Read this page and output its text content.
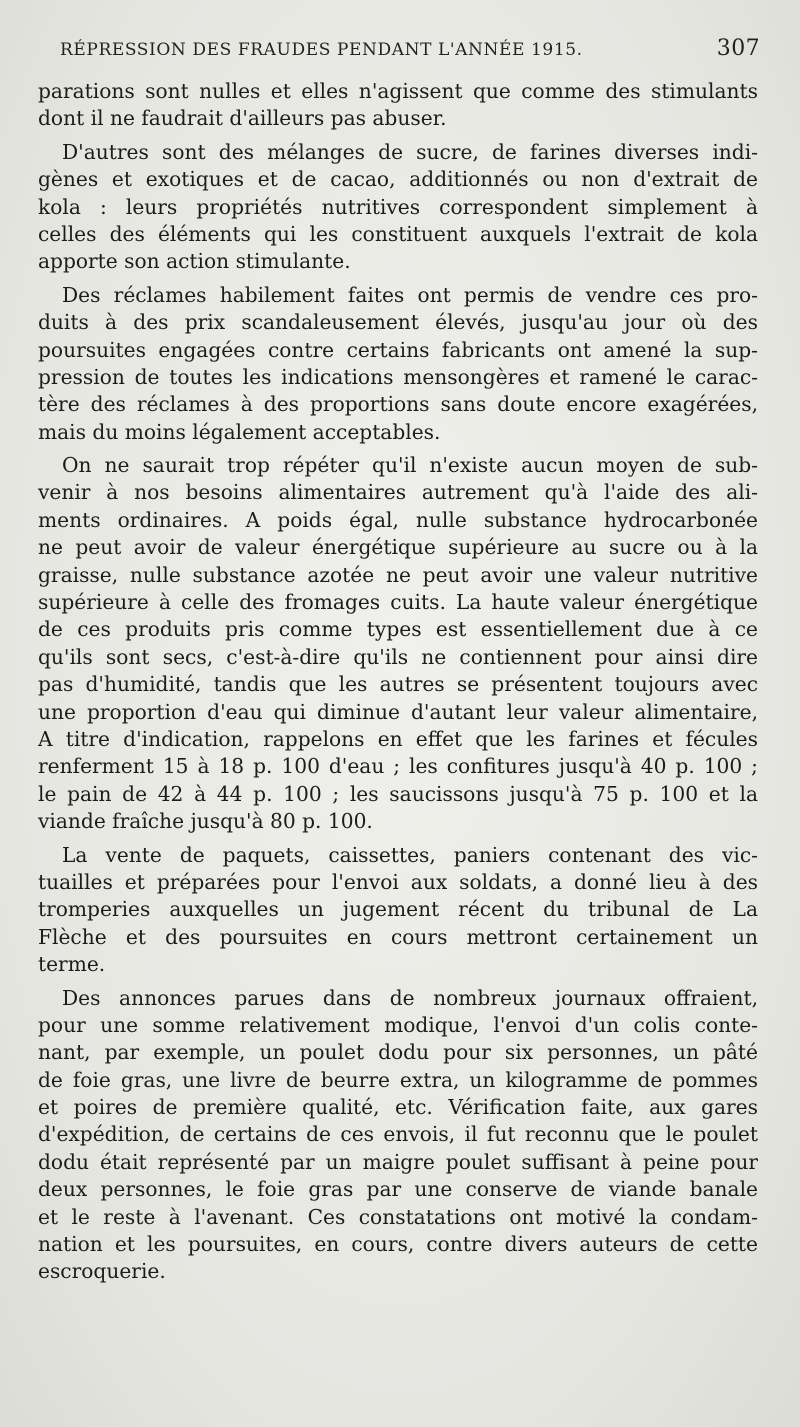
RÉPRESSION DES FRAUDES PENDANT L'ANNÉE 1915.	307
parations sont nulles et elles n'agissent que comme des stimulants
dont il ne faudrait d'ailleurs pas abuser.
D'autres sont des mélanges de sucre, de farines diverses indi-
gènes et exotiques et de cacao, additionnés ou non d'extrait de
kola : leurs propriétés nutritives correspondent simplement à
celles des éléments qui les constituent auxquels l'extrait de kola
apporte son action stimulante.
Des réclames habilement faites ont permis de vendre ces pro-
duits à des prix scandaleusement élevés, jusqu'au jour où des
poursuites engagées contre certains fabricants ont amené la sup-
pression de toutes les indications mensongères et ramené le carac-
tère des réclames à des proportions sans doute encore exagérées,
mais du moins légalement acceptables.
On ne saurait trop répéter qu'il n'existe aucun moyen de sub-
venir à nos besoins alimentaires autrement qu'à l'aide des ali-
ments ordinaires. A poids égal, nulle substance hydrocarbonée
ne peut avoir de valeur énergétique supérieure au sucre ou à la
graisse, nulle substance azotée ne peut avoir une valeur nutritive
supérieure à celle des fromages cuits. La haute valeur énergétique
de ces produits pris comme types est essentiellement due à ce
qu'ils sont secs, c'est-à-dire qu'ils ne contiennent pour ainsi dire
pas d'humidité, tandis que les autres se présentent toujours avec
une proportion d'eau qui diminue d'autant leur valeur alimentaire,
A titre d'indication, rappelons en effet que les farines et fécules
renferment 15 à 18 p. 100 d'eau ; les confitures jusqu'à 40 p. 100 ;
le pain de 42 à 44 p. 100 ; les saucissons jusqu'à 75 p. 100 et la
viande fraîche jusqu'à 80 p. 100.
La vente de paquets, caissettes, paniers contenant des vic-
tuailles et préparées pour l'envoi aux soldats, a donné lieu à des
tromperies auxquelles un jugement récent du tribunal de La
Flèche et des poursuites en cours mettront certainement un
terme.
Des annonces parues dans de nombreux journaux offraient,
pour une somme relativement modique, l'envoi d'un colis conte-
nant, par exemple, un poulet dodu pour six personnes, un pâté
de foie gras, une livre de beurre extra, un kilogramme de pommes
et poires de première qualité, etc. Vérification faite, aux gares
d'expédition, de certains de ces envois, il fut reconnu que le poulet
dodu était représenté par un maigre poulet suffisant à peine pour
deux personnes, le foie gras par une conserve de viande banale
et le reste à l'avenant. Ces constatations ont motivé la condam-
nation et les poursuites, en cours, contre divers auteurs de cette
escroquerie.
